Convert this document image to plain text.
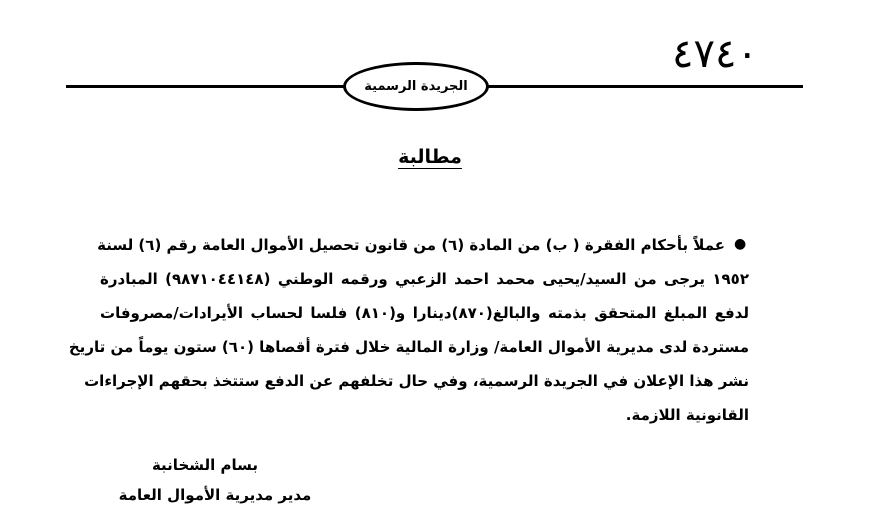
٤٧٤٠
الجريدة الرسمية
مطالبة
●
عملاً بأحكام الفقرة ( ب) من المادة (٦) من قانون تحصيل الأموال العامة رقم (٦) لسنة
١٩٥٢ يرجى من السيد/يحيى محمد احمد الزعبي ورقمه الوطني (٩٨٧١٠٤٤١٤٨) المبادرة
لدفع المبلغ المتحقق بذمته والبالغ(٨٧٠)دينارا و(٨١٠) فلسا لحساب الأيرادات/مصروفات
مستردة لدى مديرية الأموال العامة/ وزارة المالية خلال فترة أقصاها (٦٠) ستون يوماً من تاريخ
نشر هذا الإعلان في الجريدة الرسمية، وفي حال تخلفهم عن الدفع ستتخذ بحقهم الإجراءات
القانونية اللازمة.
بسام الشخانبة
مدير مديرية الأموال العامة
